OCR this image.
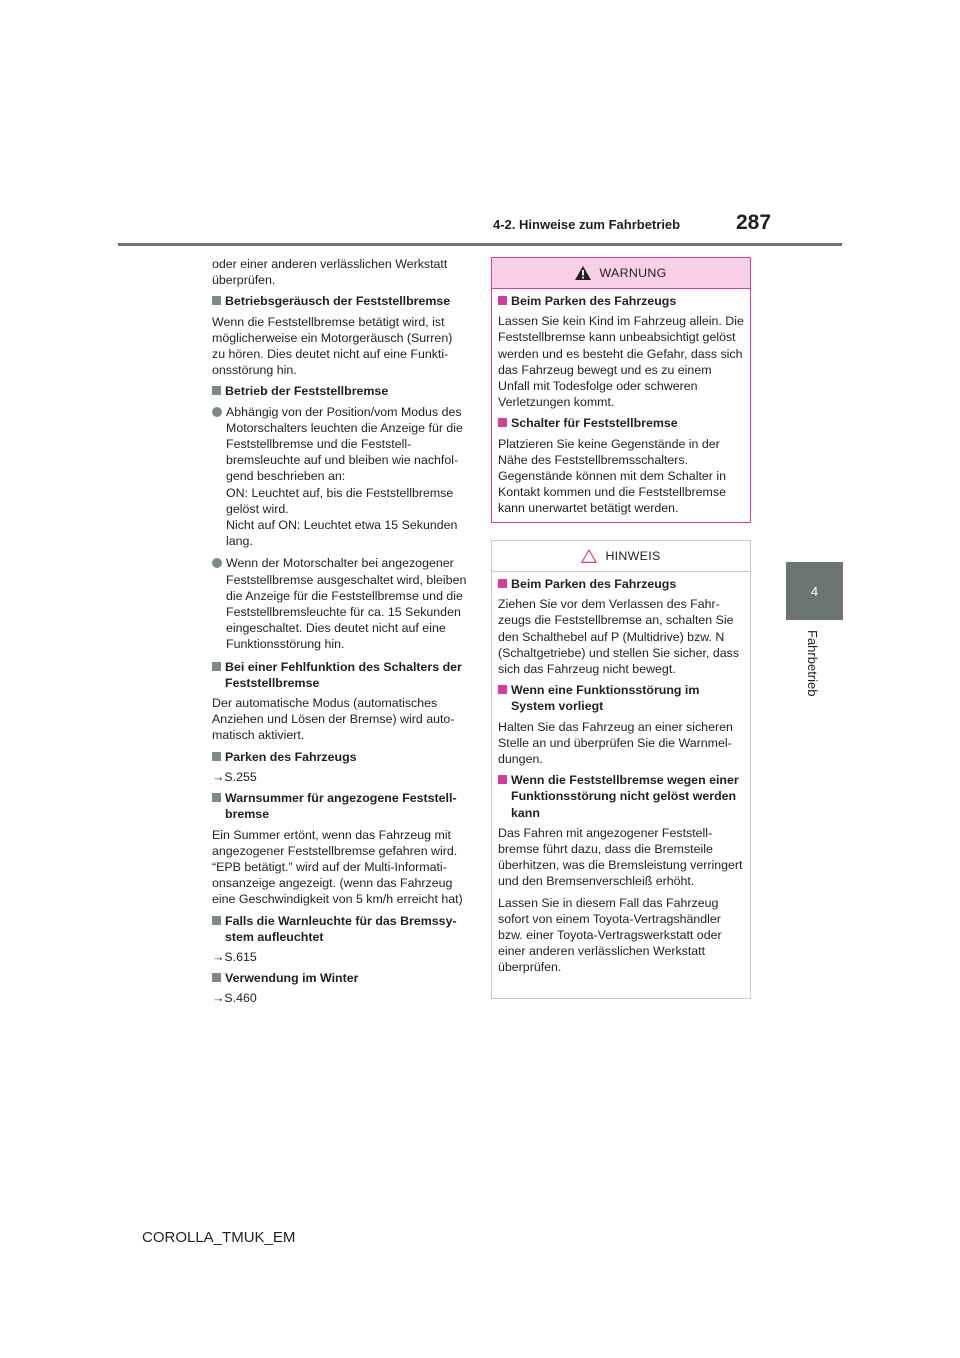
4-2. Hinweise zum Fahrbetrieb	287
4
Fahrbetrieb

oder einer anderen verlässlichen Werkstatt überprüfen.

Betriebsgeräusch der Feststellbremse

Wenn die Feststellbremse betätigt wird, ist möglicherweise ein Motorgeräusch (Surren) zu hören. Dies deutet nicht auf eine Funktionsstörung hin.

Betrieb der Feststellbremse
Abhängig von der Position/vom Modus des Motorschalters leuchten die Anzeige für die Feststellbremse und die Feststellbremsleuchte auf und bleiben wie nachfolgend beschrieben an:
ON: Leuchtet auf, bis die Feststellbremse gelöst wird.
Nicht auf ON: Leuchtet etwa 15 Sekunden lang.
Wenn der Motorschalter bei angezogener Feststellbremse ausgeschaltet wird, bleiben die Anzeige für die Feststellbremse und die Feststellbremsleuchte für ca. 15 Sekunden eingeschaltet. Dies deutet nicht auf eine Funktionsstörung hin.
Bei einer Fehlfunktion des Schalters der Feststellbremse

Der automatische Modus (automatisches Anziehen und Lösen der Bremse) wird automatisch aktiviert.

Parken des Fahrzeugs

→S.255

Warnsummer für angezogene Feststellbremse

Ein Summer ertönt, wenn das Fahrzeug mit angezogener Feststellbremse gefahren wird. “EPB betätigt.” wird auf der Multi-Informationsanzeige angezeigt. (wenn das Fahrzeug eine Geschwindigkeit von 5 km/h erreicht hat)

Falls die Warnleuchte für das Bremssystem aufleuchtet

→S.615

Verwendung im Winter

→S.460

WARNUNG
Beim Parken des Fahrzeugs

Lassen Sie kein Kind im Fahrzeug allein. Die Feststellbremse kann unbeabsichtigt gelöst werden und es besteht die Gefahr, dass sich das Fahrzeug bewegt und es zu einem Unfall mit Todesfolge oder schweren Verletzungen kommt.

Schalter für Feststellbremse

Platzieren Sie keine Gegenstände in der Nähe des Feststellbremsschalters. Gegenstände können mit dem Schalter in Kontakt kommen und die Feststellbremse kann unerwartet betätigt werden.

HINWEIS
Beim Parken des Fahrzeugs

Ziehen Sie vor dem Verlassen des Fahrzeugs die Feststellbremse an, schalten Sie den Schalthebel auf P (Multidrive) bzw. N (Schaltgetriebe) und stellen Sie sicher, dass sich das Fahrzeug nicht bewegt.

Wenn eine Funktionsstörung im System vorliegt

Halten Sie das Fahrzeug an einer sicheren Stelle an und überprüfen Sie die Warnmeldungen.

Wenn die Feststellbremse wegen einer Funktionsstörung nicht gelöst werden kann

Das Fahren mit angezogener Feststellbremse führt dazu, dass die Bremsteile überhitzen, was die Bremsleistung verringert und den Bremsenverschleiß erhöht.

Lassen Sie in diesem Fall das Fahrzeug sofort von einem Toyota-Vertragshändler bzw. einer Toyota-Vertragswerkstatt oder einer anderen verlässlichen Werkstatt überprüfen.

COROLLA_TMUK_EM
